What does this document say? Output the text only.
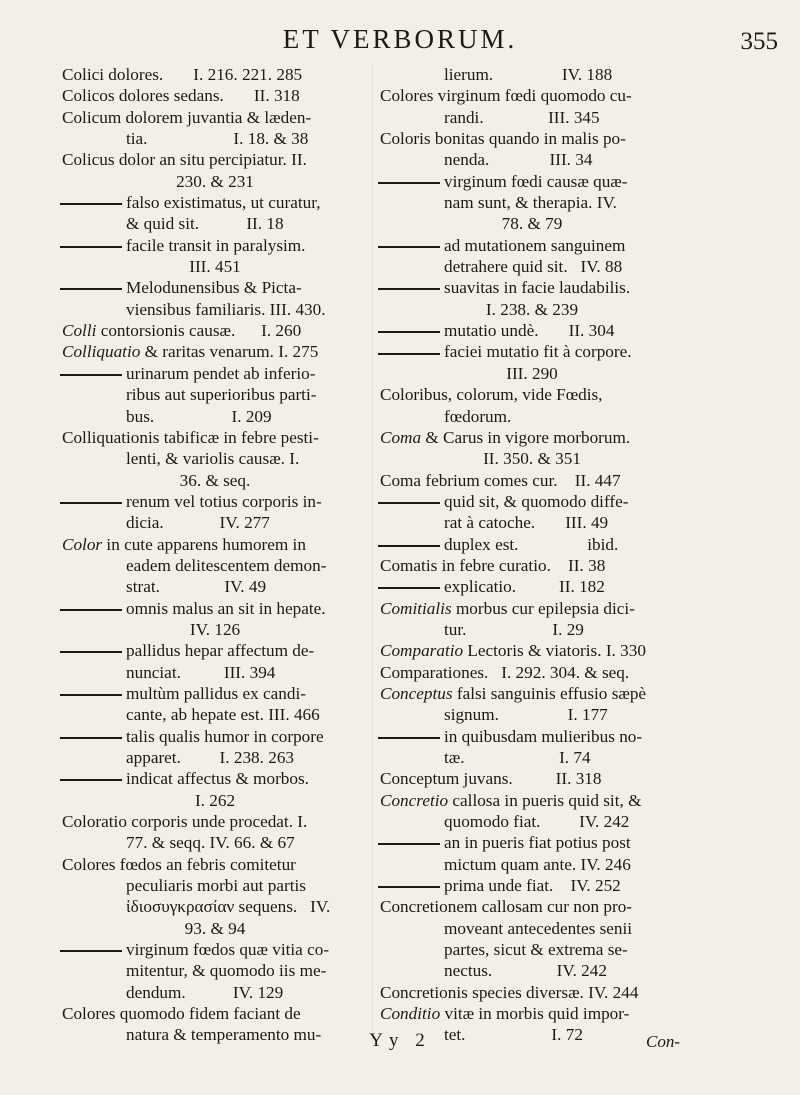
ET VERBORUM.	355
Colici dolores.       I. 216. 221. 285
Colicos dolores sedans.       II. 318
Colicum dolorem juvantia & læden-
tia.                    I. 18. & 38
Colicus dolor an situ percipiatur. II.
230. & 231
falso existimatus, ut curatur,
& quid sit.           II. 18
facile transit in paralysim.
III. 451
Melodunensibus & Picta-
viensibus familiaris. III. 430.
Colli contorsionis causæ.      I. 260
Colliquatio & raritas venarum. I. 275
urinarum pendet ab inferio-
ribus aut superioribus parti-
bus.                  I. 209
Colliquationis tabificæ in febre pesti-
lenti, & variolis causæ. I.
36. & seq.
renum vel totius corporis in-
dicia.             IV. 277
Color in cute apparens humorem in
eadem delitescentem demon-
strat.               IV. 49
omnis malus an sit in hepate.
IV. 126
pallidus hepar affectum de-
nunciat.          III. 394
multùm pallidus ex candi-
cante, ab hepate est. III. 466
talis qualis humor in corpore
apparet.         I. 238. 263
indicat affectus & morbos.
I. 262
Coloratio corporis unde procedat. I.
77. & seqq. IV. 66. & 67
Colores fœdos an febris comitetur
peculiaris morbi aut partis
ἰδιοσυγκρασίαν sequens.   IV.
93. & 94
virginum fœdos quæ vitia co-
mitentur, & quomodo iis me-
dendum.           IV. 129
Colores quomodo fidem faciant de
natura & temperamento mu-
lierum.                IV. 188
Colores virginum fœdi quomodo cu-
randi.               III. 345
Coloris bonitas quando in malis po-
nenda.              III. 34
virginum fœdi causæ quæ-
nam sunt, & therapia. IV.
78. & 79
ad mutationem sanguinem
detrahere quid sit.   IV. 88
suavitas in facie laudabilis.
I. 238. & 239
mutatio undè.       II. 304
faciei mutatio fit à corpore.
III. 290
Coloribus, colorum, vide Fœdis,
fœdorum.
Coma & Carus in vigore morborum.
II. 350. & 351
Coma febrium comes cur.    II. 447
quid sit, & quomodo diffe-
rat à catoche.       III. 49
duplex est.                ibid.
Comatis in febre curatio.    II. 38
explicatio.          II. 182
Comitialis morbus cur epilepsia dici-
tur.                    I. 29
Comparatio Lectoris & viatoris. I. 330
Comparationes.   I. 292. 304. & seq.
Conceptus falsi sanguinis effusio sæpè
signum.                I. 177
in quibusdam mulieribus no-
tæ.                      I. 74
Conceptum juvans.          II. 318
Concretio callosa in pueris quid sit, &
quomodo fiat.         IV. 242
an in pueris fiat potius post
mictum quam ante. IV. 246
prima unde fiat.    IV. 252
Concretionem callosam cur non pro-
moveant antecedentes senii
partes, sicut & extrema se-
nectus.               IV. 242
Concretionis species diversæ. IV. 244
Conditio vitæ in morbis quid impor-
tet.                    I. 72
Yy 2	Con-
